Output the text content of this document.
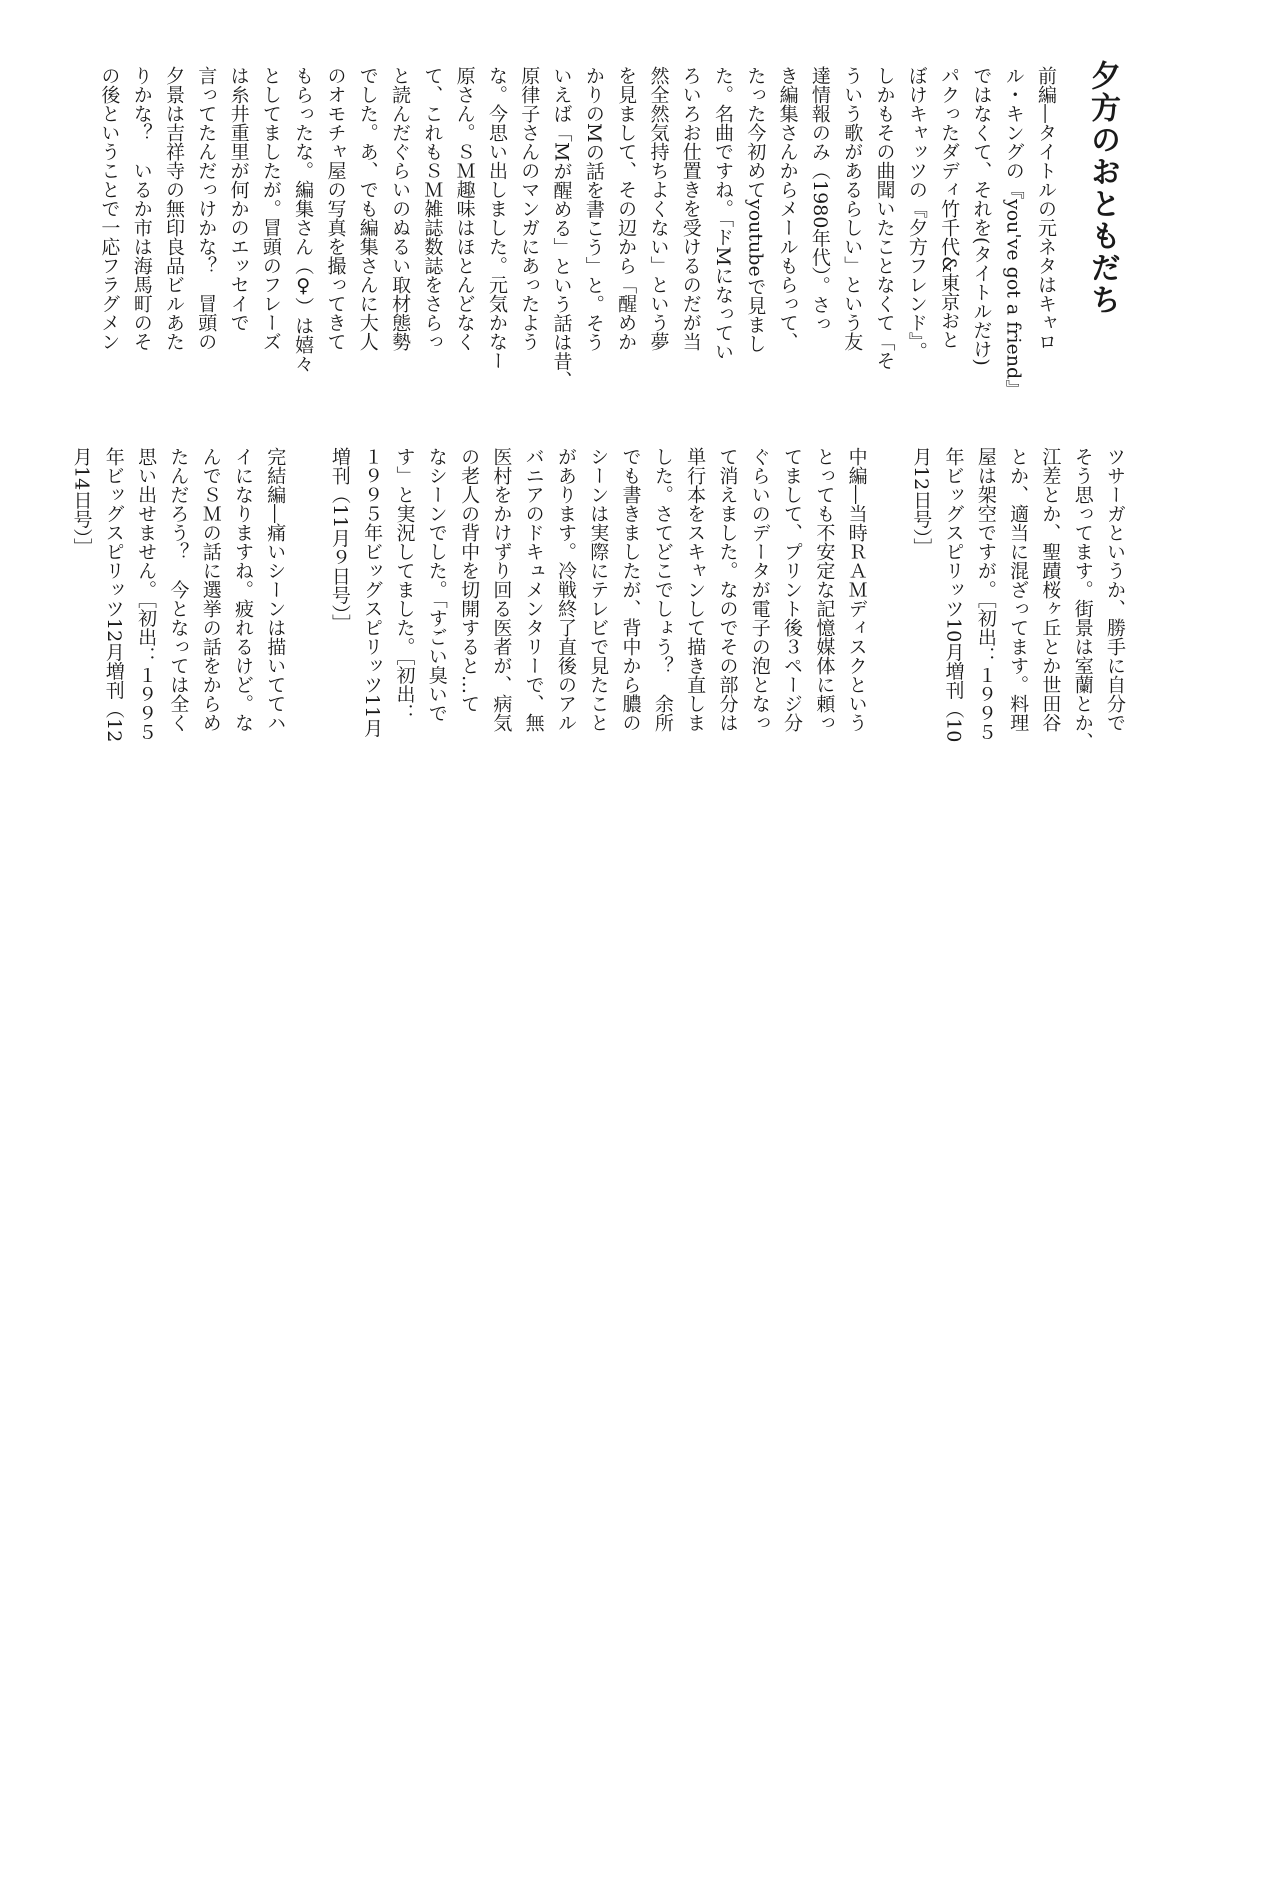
夕方のおともだち
前編―タイトルの元ネタはキャロ
ル・キングの『you've got a friend』
ではなくて、それを(タイトルだけ)
パクったダディ竹千代&東京おと
ぼけキャッツの『夕方フレンド』。
しかもその曲聞いたことなくて「そ
ういう歌があるらしい」という友
達情報のみ（1980年代）。さっ
き編集さんからメールもらって、
たった今初めてyoutubeで見まし
た。名曲ですね。「ドMになってい
ろいろお仕置きを受けるのだが当
然全然気持ちよくない」という夢
を見まして、その辺から「醒めか
かりのMの話を書こう」と。そう
いえば「Mが醒める」という話は昔、
原律子さんのマンガにあったよう
な。今思い出しました。元気かなー
原さん。ＳＭ趣味はほとんどなく
て、これもＳＭ雑誌数誌をさらっ
と読んだぐらいのぬるい取材態勢
でした。あ、でも編集さんに大人
のオモチャ屋の写真を撮ってきて
もらったな。編集さん（♀）は嬉々
としてましたが。冒頭のフレーズ
は糸井重里が何かのエッセイで
言ってたんだっけかな？　冒頭の
夕景は吉祥寺の無印良品ビルあた
りかな？　いるか市は海馬町のそ
の後ということで一応フラグメン
ツサーガというか、勝手に自分で
そう思ってます。街景は室蘭とか、
江差とか、聖蹟桜ヶ丘とか世田谷
とか、適当に混ざってます。料理
屋は架空ですが。［初出：１９９５
年ビッグスピリッツ10月増刊（10
月12日号）］

中編―当時ＲＡＭディスクという
とっても不安定な記憶媒体に頼っ
てまして、プリント後３ページ分
ぐらいのデータが電子の泡となっ
て消えました。なのでその部分は
単行本をスキャンして描き直しま
した。さてどこでしょう？　余所
でも書きましたが、背中から膿の
シーンは実際にテレビで見たこと
があります。冷戦終了直後のアル
バニアのドキュメンタリーで、無
医村をかけずり回る医者が、病気
の老人の背中を切開すると…て
なシーンでした。「すごい臭いで
す」と実況してました。［初出：
１９９５年ビッグスピリッツ11月
増刊（11月９日号）］

完結編―痛いシーンは描いててハ
イになりますね。疲れるけど。な
んでＳＭの話に選挙の話をからめ
たんだろう？　今となっては全く
思い出せません。［初出：１９９５
年ビッグスピリッツ12月増刊（12
月14日号）］
